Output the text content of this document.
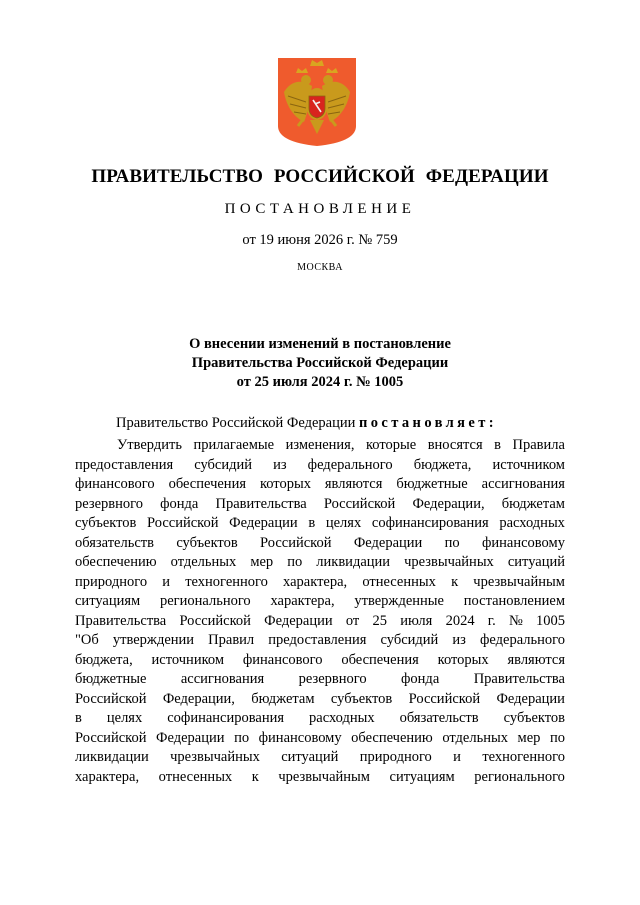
ПРАВИТЕЛЬСТВО РОССИЙСКОЙ ФЕДЕРАЦИИ
ПОСТАНОВЛЕНИЕ
от 19 июня 2026 г. № 759
МОСКВА
О внесении изменений в постановление
Правительства Российской Федерации
от 25 июля 2024 г. № 1005
Правительство Российской Федерации постановляет:
Утвердить прилагаемые изменения, которые вносятся в Правила
предоставления субсидий из федерального бюджета, источником
финансового обеспечения которых являются бюджетные ассигнования
резервного фонда Правительства Российской Федерации, бюджетам
субъектов Российской Федерации в целях софинансирования расходных
обязательств субъектов Российской Федерации по финансовому
обеспечению отдельных мер по ликвидации чрезвычайных ситуаций
природного и техногенного характера, отнесенных к чрезвычайным
ситуациям регионального характера, утвержденные постановлением
Правительства Российской Федерации от 25 июля 2024 г. № 1005
"Об утверждении Правил предоставления субсидий из федерального
бюджета, источником финансового обеспечения которых являются
бюджетные ассигнования резервного фонда Правительства
Российской Федерации, бюджетам субъектов Российской Федерации
в целях софинансирования расходных обязательств субъектов
Российской Федерации по финансовому обеспечению отдельных мер по
ликвидации чрезвычайных ситуаций природного и техногенного
характера, отнесенных к чрезвычайным ситуациям регионального
